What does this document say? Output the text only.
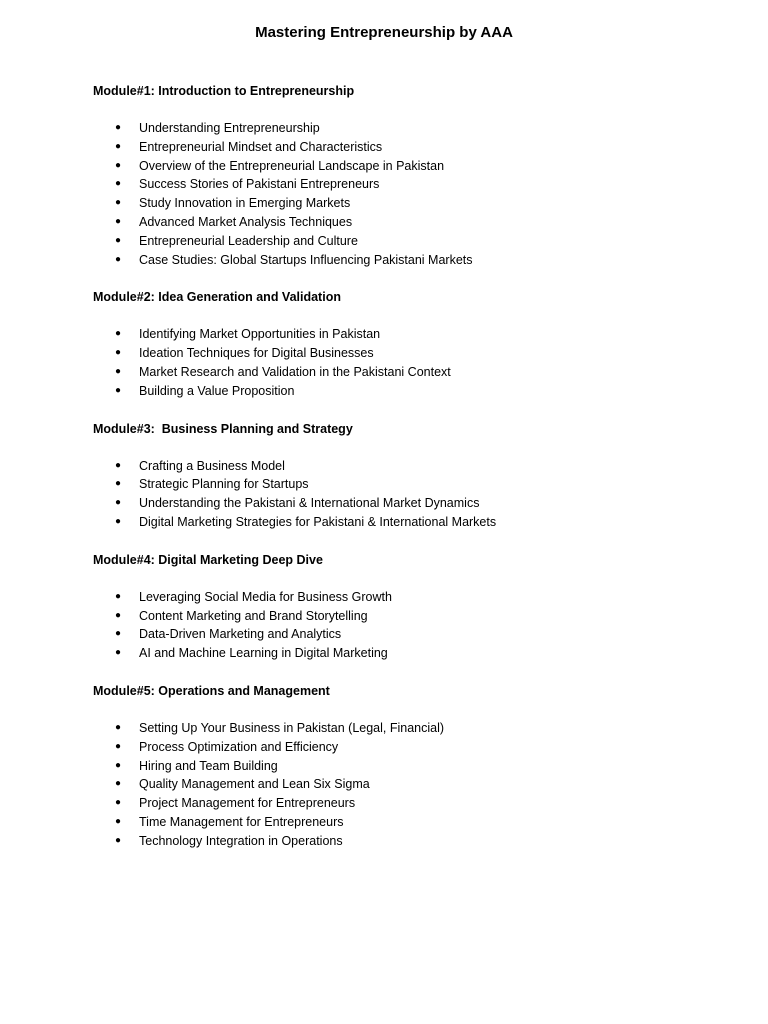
Mastering Entrepreneurship by AAA
Module#1: Introduction to Entrepreneurship
● Understanding Entrepreneurship
● Entrepreneurial Mindset and Characteristics
● Overview of the Entrepreneurial Landscape in Pakistan
● Success Stories of Pakistani Entrepreneurs
● Study Innovation in Emerging Markets
● Advanced Market Analysis Techniques
● Entrepreneurial Leadership and Culture
● Case Studies: Global Startups Influencing Pakistani Markets
Module#2: Idea Generation and Validation
● Identifying Market Opportunities in Pakistan
● Ideation Techniques for Digital Businesses
● Market Research and Validation in the Pakistani Context
● Building a Value Proposition
Module#3:  Business Planning and Strategy
● Crafting a Business Model
● Strategic Planning for Startups
● Understanding the Pakistani & International Market Dynamics
● Digital Marketing Strategies for Pakistani & International Markets
Module#4: Digital Marketing Deep Dive
● Leveraging Social Media for Business Growth
● Content Marketing and Brand Storytelling
● Data-Driven Marketing and Analytics
● AI and Machine Learning in Digital Marketing
Module#5: Operations and Management
● Setting Up Your Business in Pakistan (Legal, Financial)
● Process Optimization and Efficiency
● Hiring and Team Building
● Quality Management and Lean Six Sigma
● Project Management for Entrepreneurs
● Time Management for Entrepreneurs
● Technology Integration in Operations
